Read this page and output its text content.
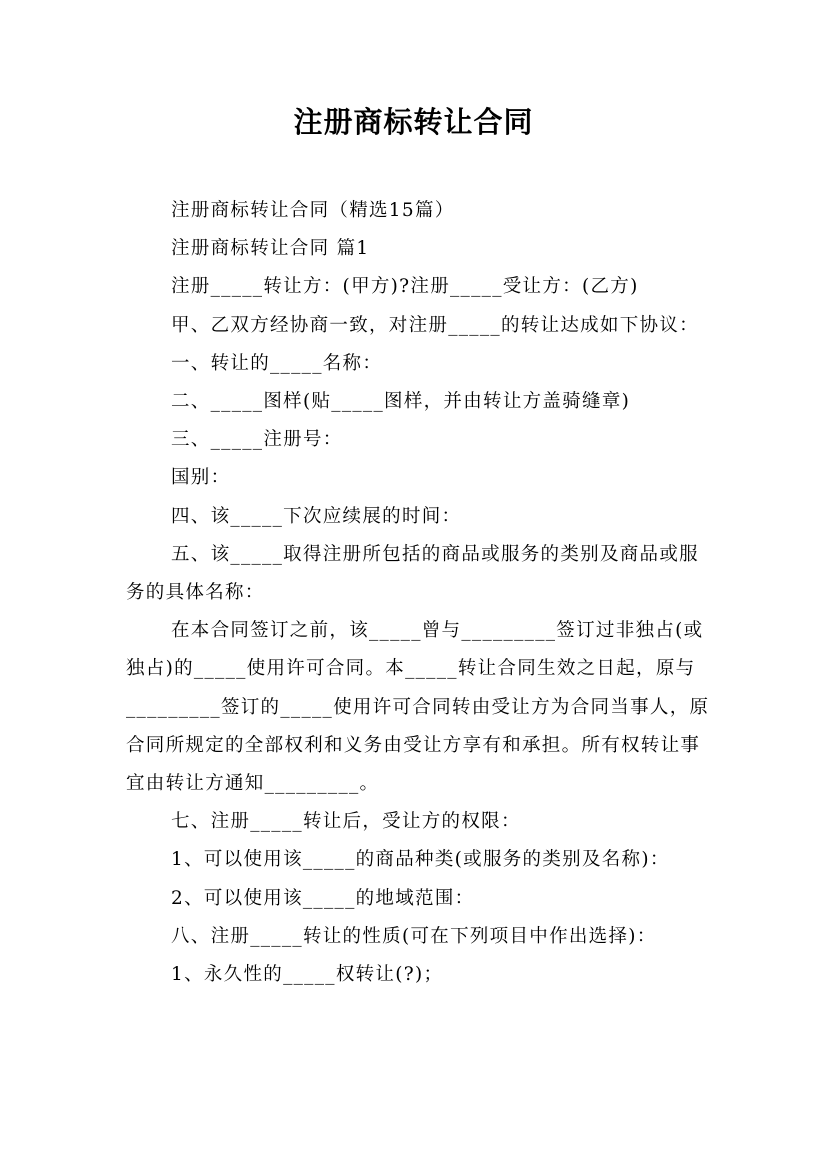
注册商标转让合同

注册商标转让合同（精选15篇）

注册商标转让合同 篇1

注册_____转让方：(甲方)?注册_____受让方：(乙方)

甲、乙双方经协商一致，对注册_____的转让达成如下协议：

一、转让的_____名称：

二、_____图样(贴_____图样，并由转让方盖骑缝章)

三、_____注册号：

国别：

四、该_____下次应续展的时间：

五、该_____取得注册所包括的商品或服务的类别及商品或服务的具体名称：

在本合同签订之前，该_____曾与_________签订过非独占(或独占)的_____使用许可合同。本_____转让合同生效之日起，原与_________签订的_____使用许可合同转由受让方为合同当事人，原合同所规定的全部权利和义务由受让方享有和承担。所有权转让事宜由转让方通知_________。

七、注册_____转让后，受让方的权限：

1、可以使用该_____的商品种类(或服务的类别及名称)：

2、可以使用该_____的地域范围：

八、注册_____转让的性质(可在下列项目中作出选择)：

1、永久性的_____权转让(?)；
